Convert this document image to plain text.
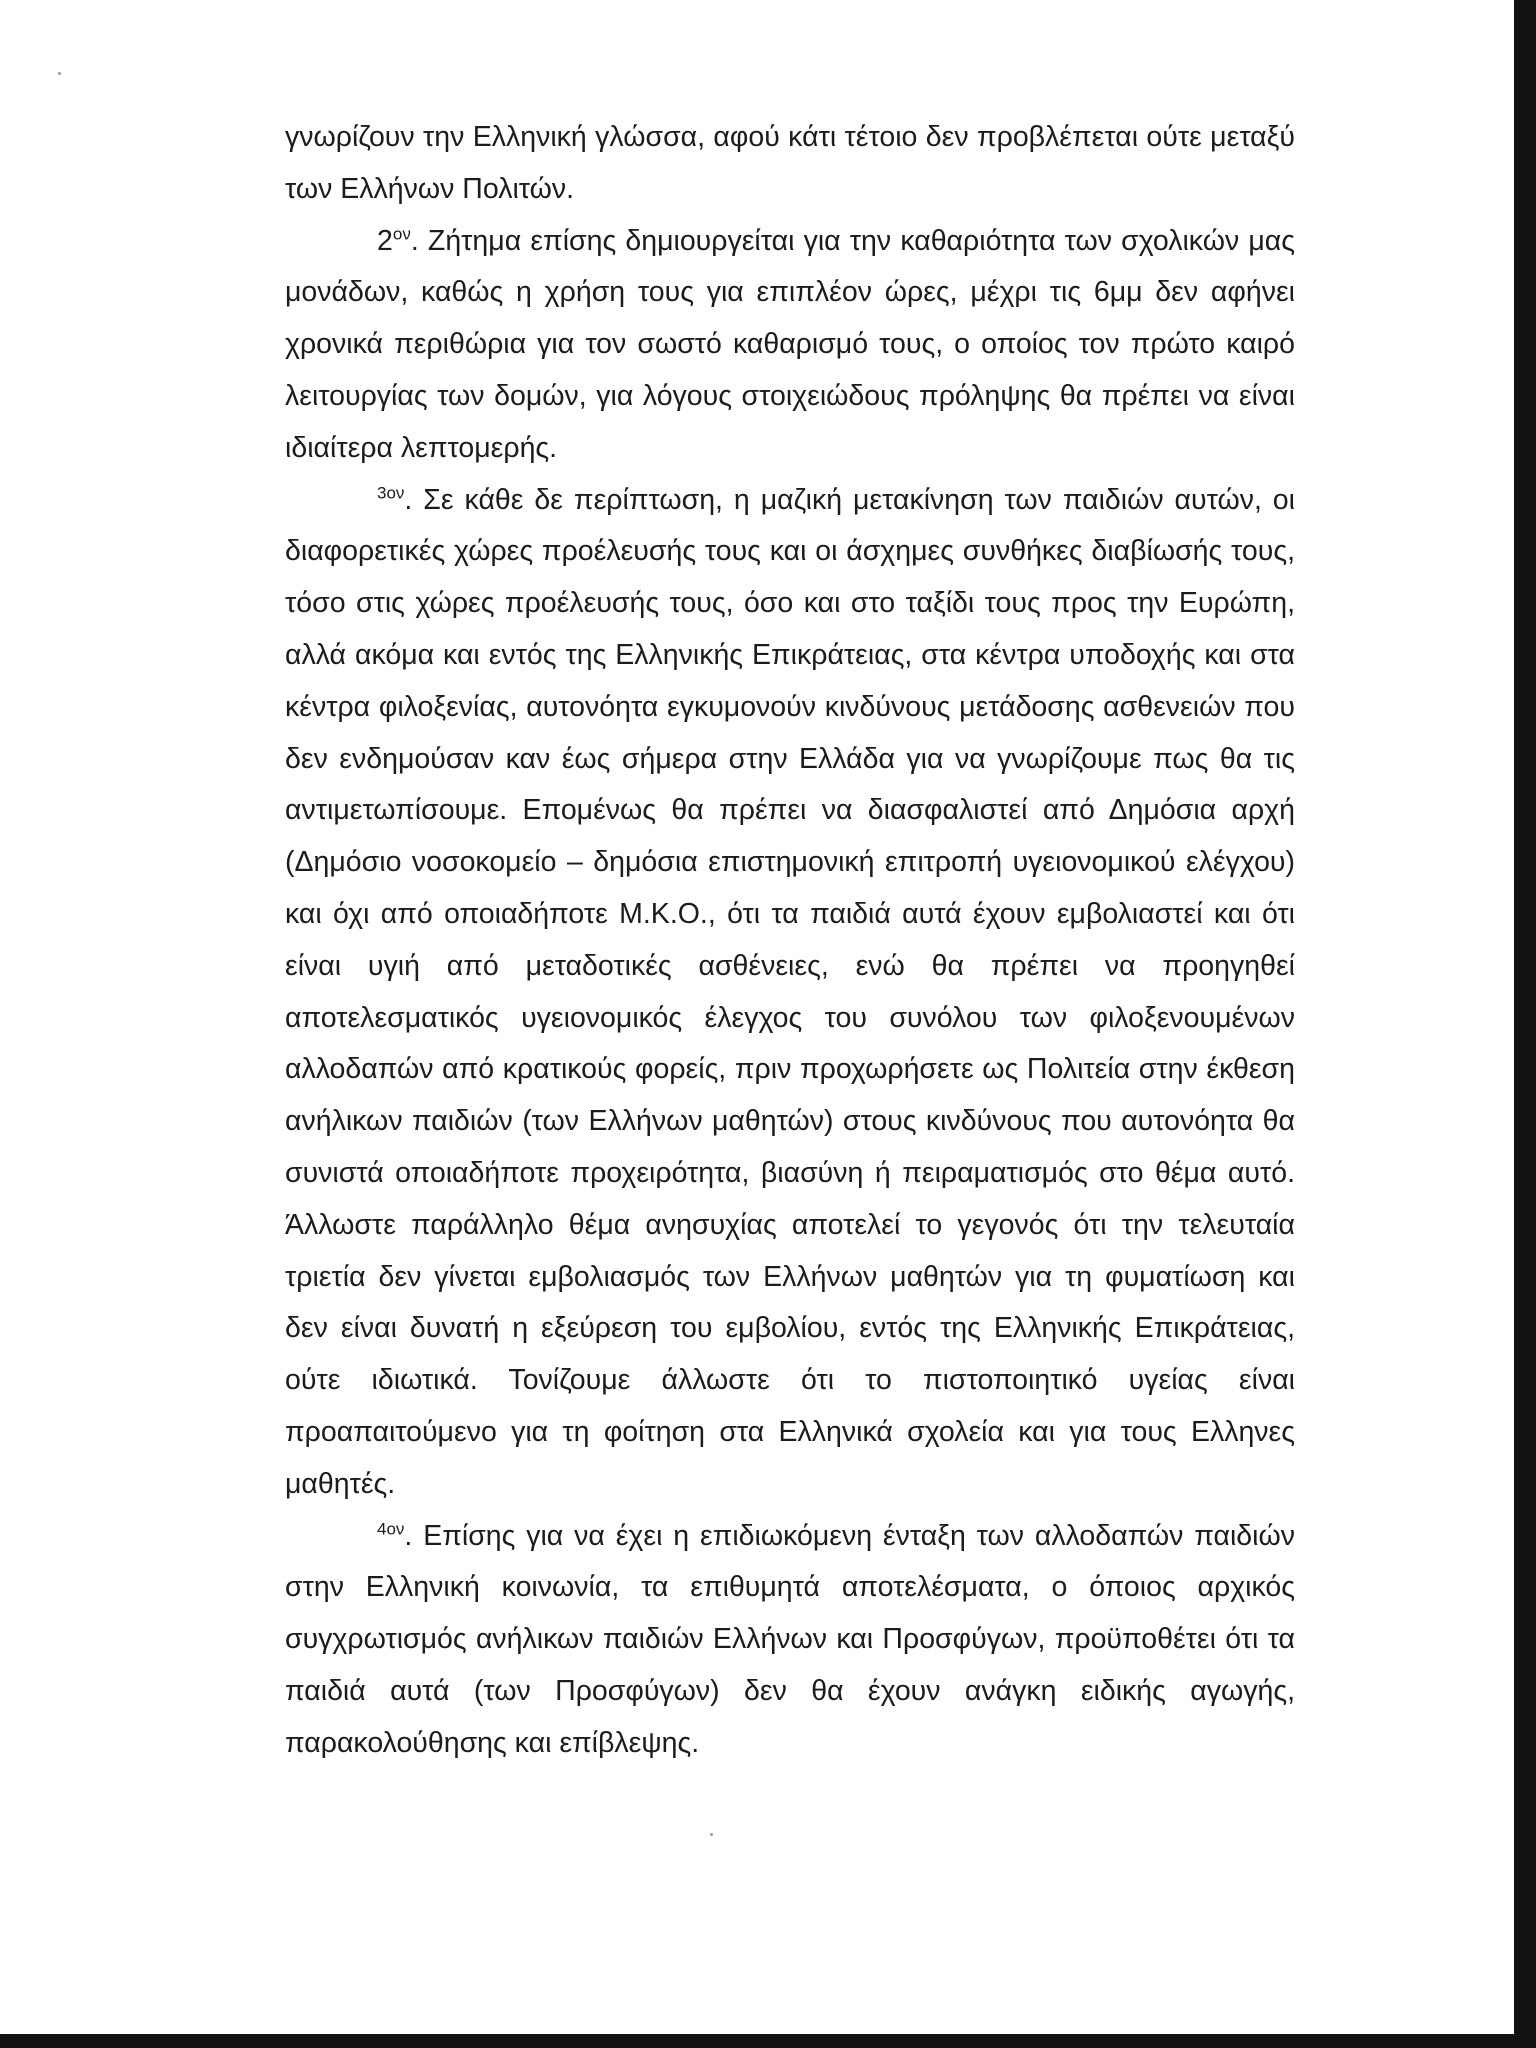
γνωρίζουν την Ελληνική γλώσσα, αφού κάτι τέτοιο δεν προβλέπεται ούτε μεταξύ των Ελλήνων Πολιτών.

$2^{o\nu}$. Ζήτημα επίσης δημιουργείται για την καθαριότητα των σχολικών μας μονάδων, καθώς η χρήση τους για επιπλέον ώρες, μέχρι τις 6μμ δεν αφήνει χρονικά περιθώρια για τον σωστό καθαρισμό τους, ο οποίος τον πρώτο καιρό λειτουργίας των δομών, για λόγους στοιχειώδους πρόληψης θα πρέπει να είναι ιδιαίτερα λεπτομερής.

$^{3o\nu}$. Σε κάθε δε περίπτωση, η μαζική μετακίνηση των παιδιών αυτών, οι διαφορετικές χώρες προέλευσής τους και οι άσχημες συνθήκες διαβίωσής τους, τόσο στις χώρες προέλευσής τους, όσο και στο ταξίδι τους προς την Ευρώπη, αλλά ακόμα και εντός της Ελληνικής Επικράτειας, στα κέντρα υποδοχής και στα κέντρα φιλοξενίας, αυτονόητα εγκυμονούν κινδύνους μετάδοσης ασθενειών που δεν ενδημούσαν καν έως σήμερα στην Ελλάδα για να γνωρίζουμε πως θα τις αντιμετωπίσουμε. Επομένως θα πρέπει να διασφαλιστεί από Δημόσια αρχή (Δημόσιο νοσοκομείο – δημόσια επιστημονική επιτροπή υγειονομικού ελέγχου) και όχι από οποιαδήποτε Μ.Κ.Ο., ότι τα παιδιά αυτά έχουν εμβολιαστεί και ότι είναι υγιή από μεταδοτικές ασθένειες, ενώ θα πρέπει να προηγηθεί αποτελεσματικός υγειονομικός έλεγχος του συνόλου των φιλοξενουμένων αλλοδαπών από κρατικούς φορείς, πριν προχωρήσετε ως Πολιτεία στην έκθεση ανήλικων παιδιών (των Ελλήνων μαθητών) στους κινδύνους που αυτονόητα θα συνιστά οποιαδήποτε προχειρότητα, βιασύνη ή πειραματισμός στο θέμα αυτό. Άλλωστε παράλληλο θέμα ανησυχίας αποτελεί το γεγονός ότι την τελευταία τριετία δεν γίνεται εμβολιασμός των Ελλήνων μαθητών για τη φυματίωση και δεν είναι δυνατή η εξεύρεση του εμβολίου, εντός της Ελληνικής Επικράτειας, ούτε ιδιωτικά. Τονίζουμε άλλωστε ότι το πιστοποιητικό υγείας είναι προαπαιτούμενο για τη φοίτηση στα Ελληνικά σχολεία και για τους Ελληνες μαθητές.

$^{4o\nu}$. Επίσης για να έχει η επιδιωκόμενη ένταξη των αλλοδαπών παιδιών στην Ελληνική κοινωνία, τα επιθυμητά αποτελέσματα, ο όποιος αρχικός συγχρωτισμός ανήλικων παιδιών Ελλήνων και Προσφύγων, προϋποθέτει ότι τα παιδιά αυτά (των Προσφύγων) δεν θα έχουν ανάγκη ειδικής αγωγής, παρακολούθησης και επίβλεψης.
